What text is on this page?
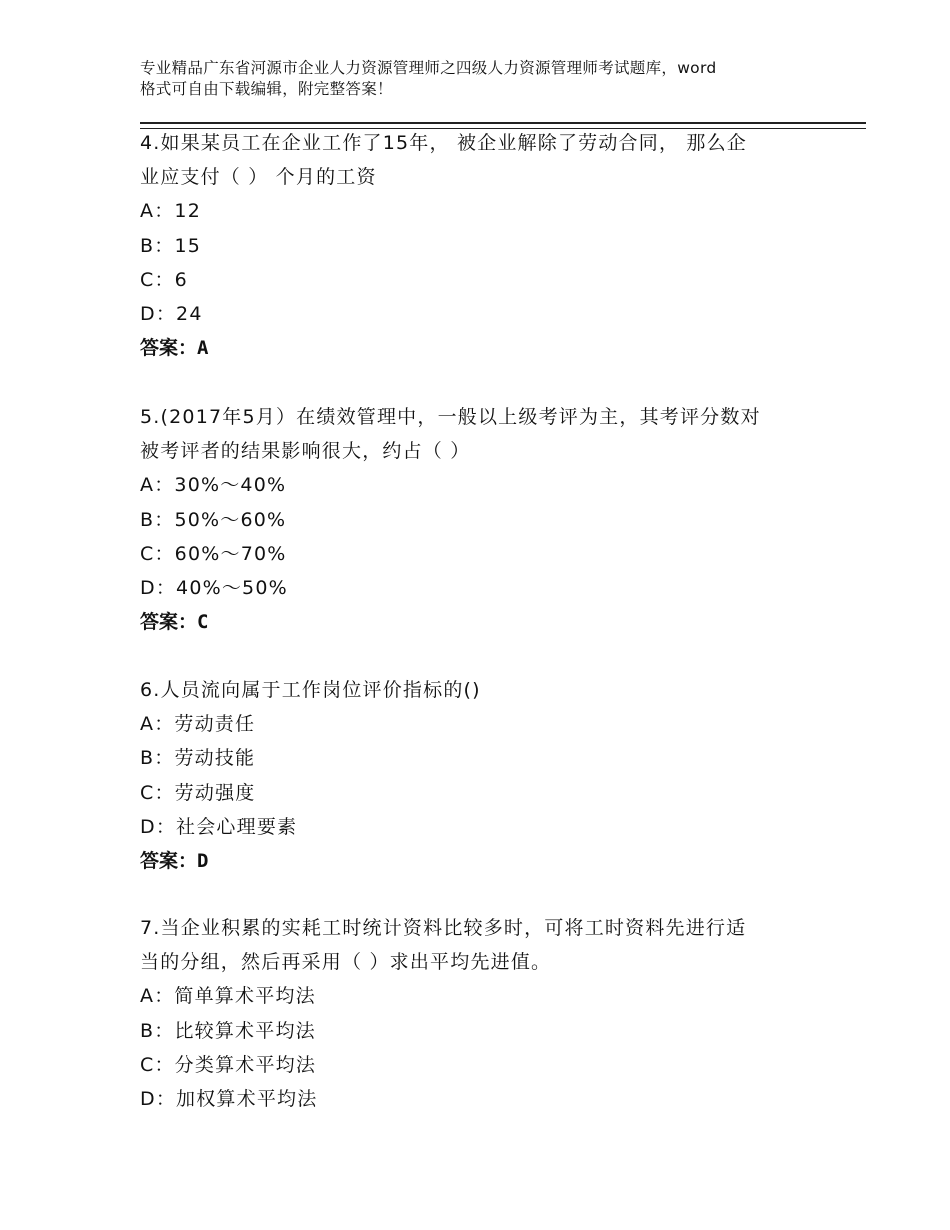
专业精品广东省河源市企业人力资源管理师之四级人力资源管理师考试题库，word
格式可自由下载编辑，附完整答案！
4.如果某员工在企业工作了15年， 被企业解除了劳动合同， 那么企
业应支付（ ） 个月的工资
A：12
B：15
C：6
D：24
答案：A
5.(2017年5月）在绩效管理中，一般以上级考评为主，其考评分数对
被考评者的结果影响很大，约占（ ）
A：30%～40%
B：50%～60%
C：60%～70%
D：40%～50%
答案：C
6.人员流向属于工作岗位评价指标的()
A：劳动责任
B：劳动技能
C：劳动强度
D：社会心理要素
答案：D
7.当企业积累的实耗工时统计资料比较多时，可将工时资料先进行适
当的分组，然后再采用（ ）求出平均先进值。
A：简单算术平均法
B：比较算术平均法
C：分类算术平均法
D：加权算术平均法
